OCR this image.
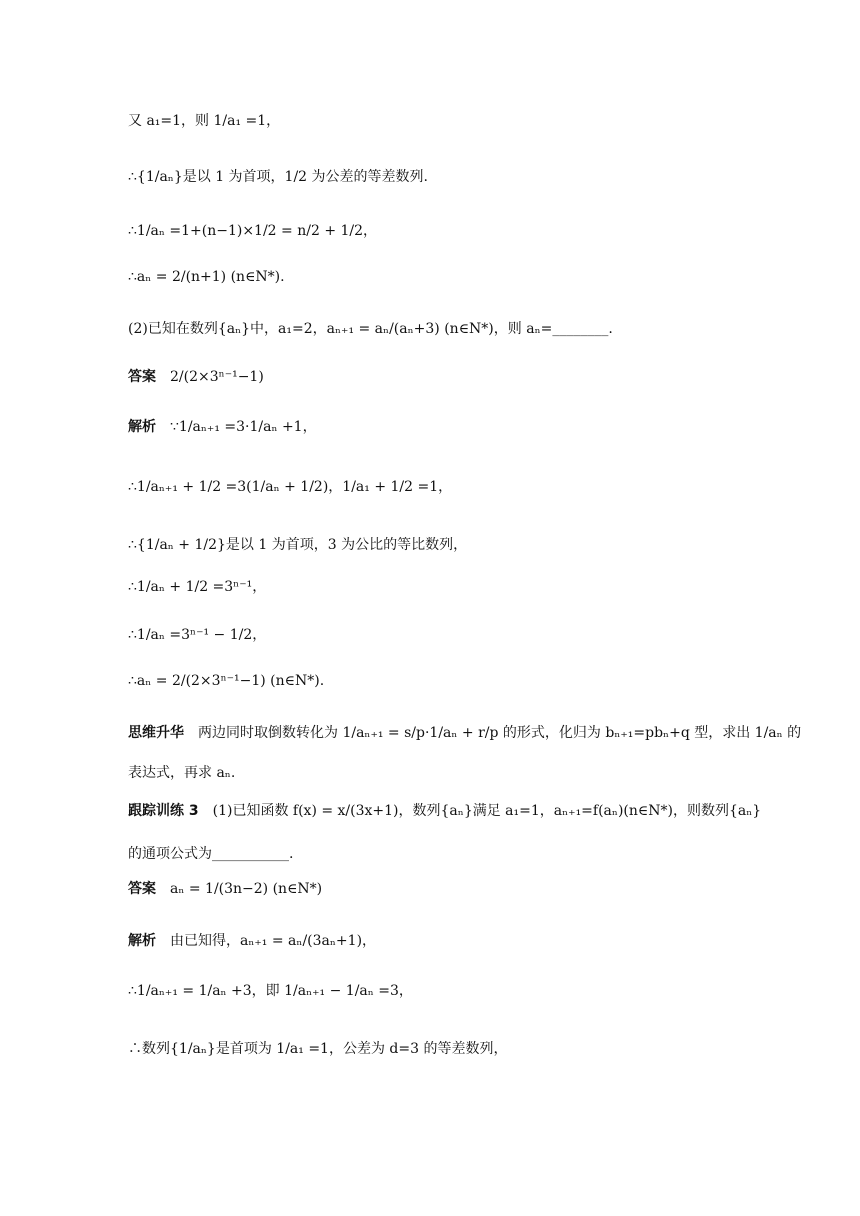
又 a₁=1，则 1/a₁ =1，
∴{1/aₙ}是以 1 为首项，1/2 为公差的等差数列.
∴1/aₙ =1+(n−1)×1/2 = n/2 + 1/2，
∴aₙ = 2/(n+1) (n∈N*).
(2)已知在数列{aₙ}中，a₁=2，aₙ₊₁ = aₙ/(aₙ+3) (n∈N*)，则 aₙ=________.
答案 2/(2×3ⁿ⁻¹−1)
解析 ∵1/aₙ₊₁ =3·1/aₙ +1，
∴1/aₙ₊₁ + 1/2 =3(1/aₙ + 1/2)，1/a₁ + 1/2 =1，
∴{1/aₙ + 1/2}是以 1 为首项，3 为公比的等比数列，
∴1/aₙ + 1/2 =3ⁿ⁻¹，
∴1/aₙ =3ⁿ⁻¹ − 1/2，
∴aₙ = 2/(2×3ⁿ⁻¹−1) (n∈N*).
思维升华 两边同时取倒数转化为 1/aₙ₊₁ = s/p·1/aₙ + r/p 的形式，化归为 bₙ₊₁=pbₙ+q 型，求出 1/aₙ 的
表达式，再求 aₙ.
跟踪训练 3 (1)已知函数 f(x) = x/(3x+1)，数列{aₙ}满足 a₁=1，aₙ₊₁=f(aₙ)(n∈N*)，则数列{aₙ}
的通项公式为___________.
答案 aₙ = 1/(3n−2) (n∈N*)
解析 由已知得，aₙ₊₁ = aₙ/(3aₙ+1)，
∴1/aₙ₊₁ = 1/aₙ +3，即 1/aₙ₊₁ − 1/aₙ =3，
∴数列{1/aₙ}是首项为 1/a₁ =1，公差为 d=3 的等差数列，
